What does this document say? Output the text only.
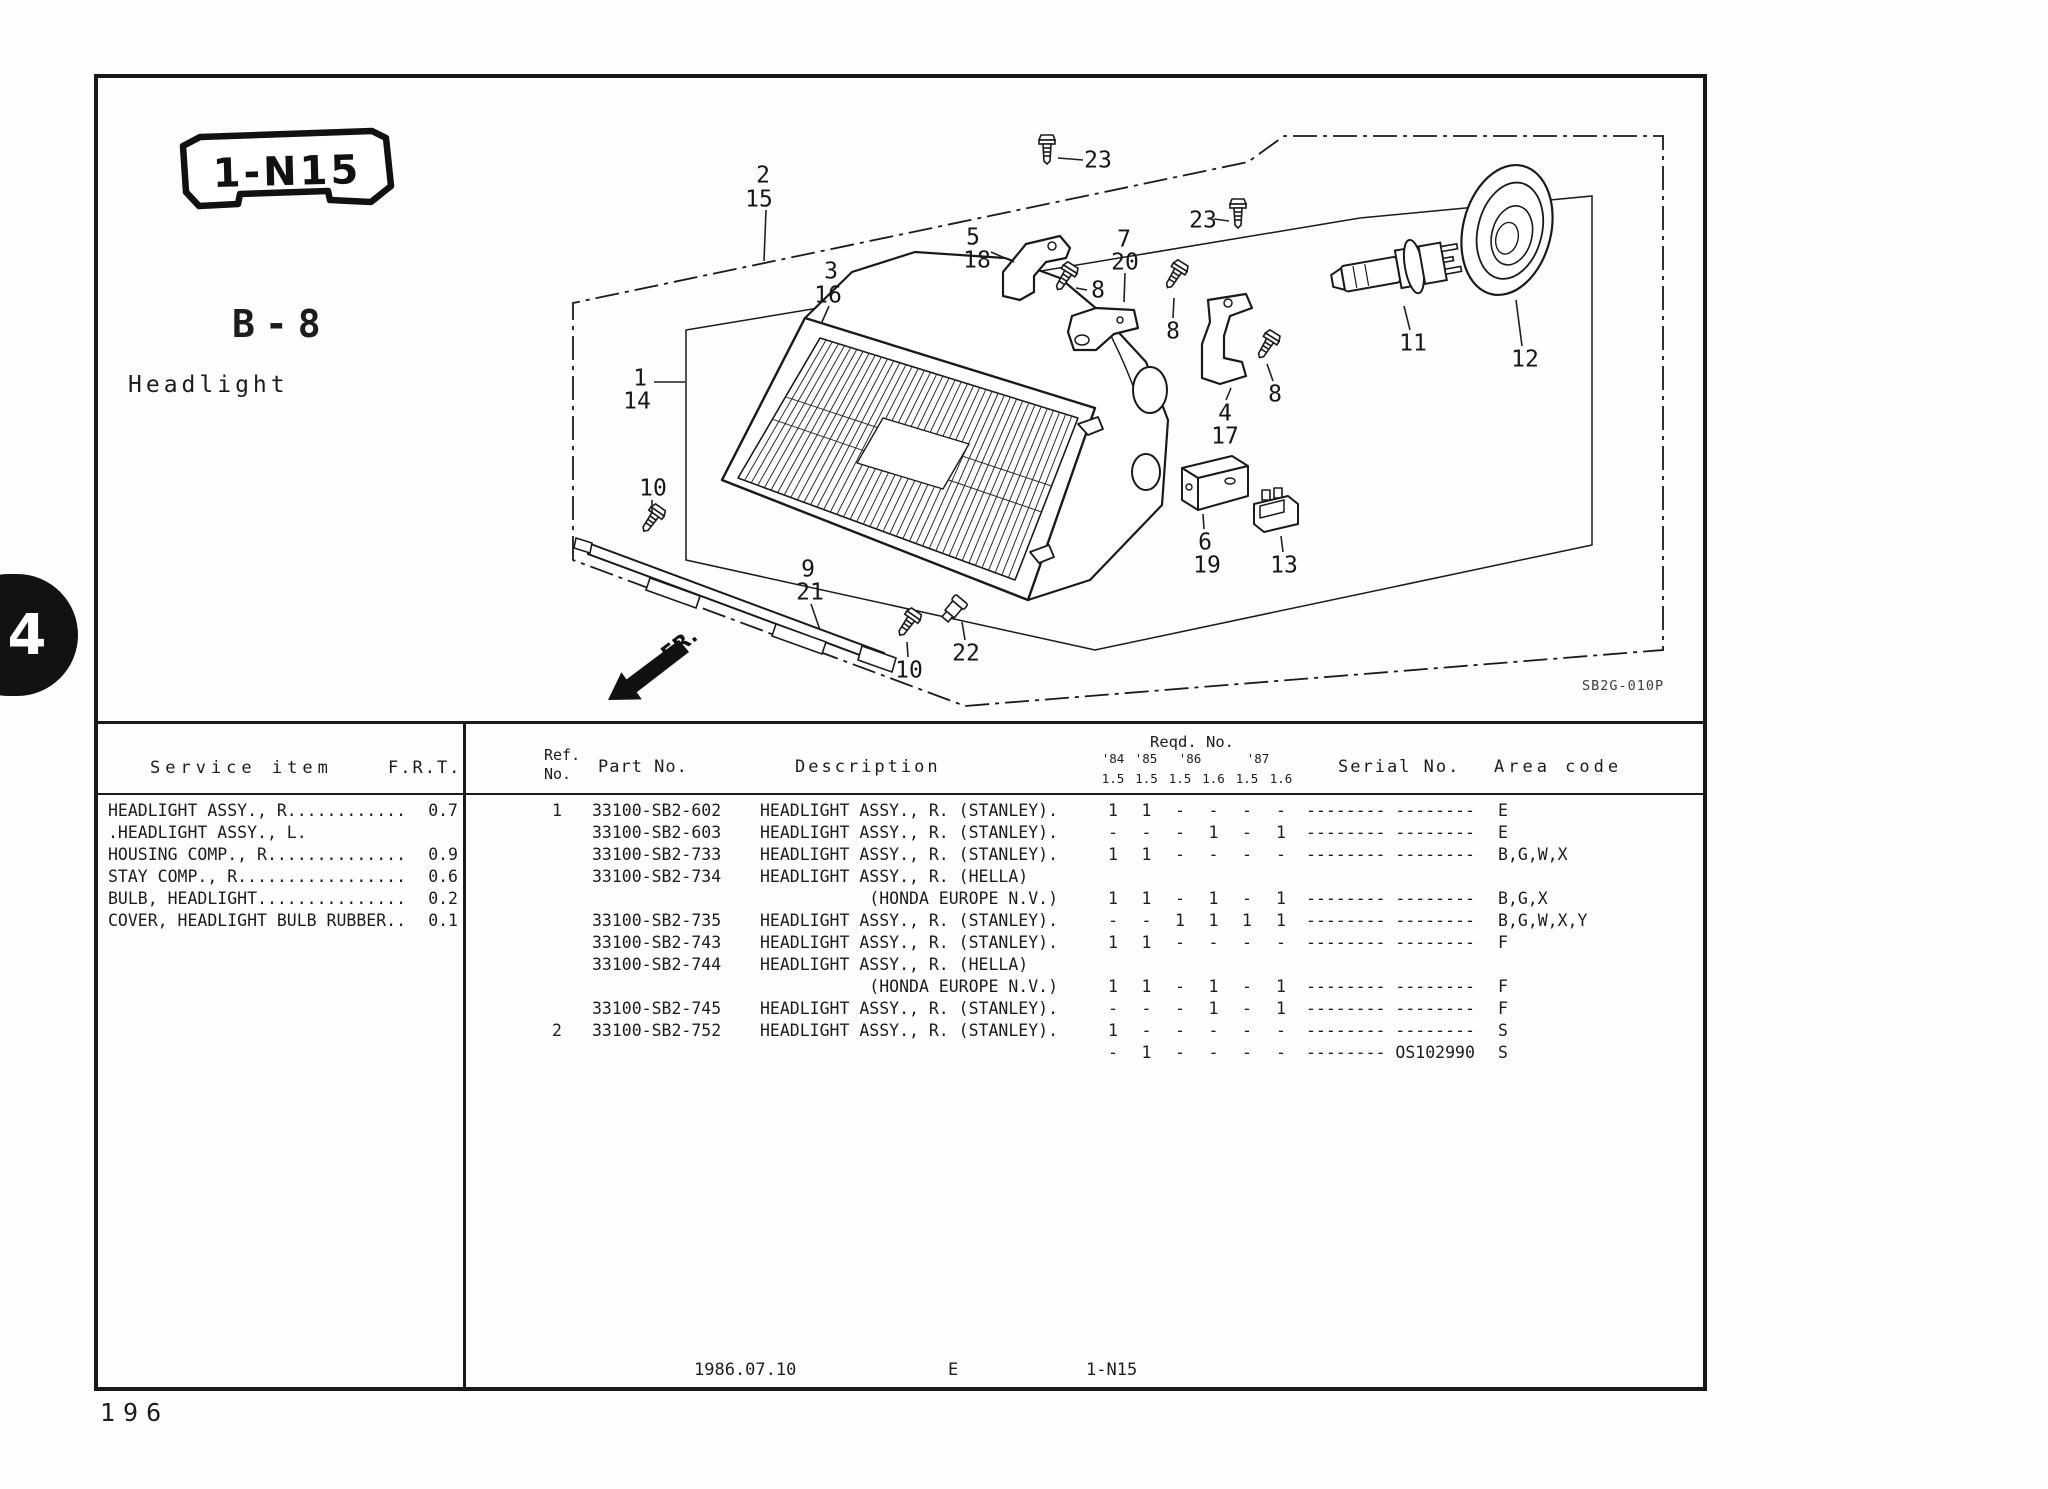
4
2
15
23
23
5
18
7
20
8
3
16
8
8
1
14	4
17
11
12
10
9
21
6
19 13
22
10
FR.
1-N15
B-8
Headlight
SB2G-010P
Service item	F.R.T.
Ref.
No. Part No.	Description
Reqd. No.
Serial No. Area code
'84 '85	'86	'87
1.5 1.5 1.5 1.6 1.5 1.6
HEADLIGHT ASSY., R............	0.7
.HEADLIGHT ASSY., L.
HOUSING COMP., R..............	0.9
STAY COMP., R.................	0.6
BULB, HEADLIGHT...............	0.2
COVER, HEADLIGHT BULB RUBBER..	0.1
1	33100-SB2-602 HEADLIGHT ASSY., R. (STANLEY).	1	1	-	-	-	-	-------- -------- E
33100-SB2-603 HEADLIGHT ASSY., R. (STANLEY).	-	-	-	1	-	1	-------- -------- E
33100-SB2-733 HEADLIGHT ASSY., R. (STANLEY).	1	1	-	-	-	-	-------- -------- B,G,W,X
33100-SB2-734 HEADLIGHT ASSY., R. (HELLA)
(HONDA EUROPE N.V.)	1	1	-	1	-	1	-------- -------- B,G,X
33100-SB2-735 HEADLIGHT ASSY., R. (STANLEY).	-	-	1	1	1	1	-------- -------- B,G,W,X,Y
33100-SB2-743 HEADLIGHT ASSY., R. (STANLEY).	1	1	-	-	-	-	-------- -------- F
33100-SB2-744 HEADLIGHT ASSY., R. (HELLA)
(HONDA EUROPE N.V.)	1	1	-	1	-	1	-------- -------- F
33100-SB2-745 HEADLIGHT ASSY., R. (STANLEY).	-	-	-	1	-	1	-------- -------- F
2	33100-SB2-752 HEADLIGHT ASSY., R. (STANLEY).	1	-	-	-	-	-	-------- -------- S
-	1	-	-	-	-	-------- OS102990 S
1986.07.10	E	1-N15
196
